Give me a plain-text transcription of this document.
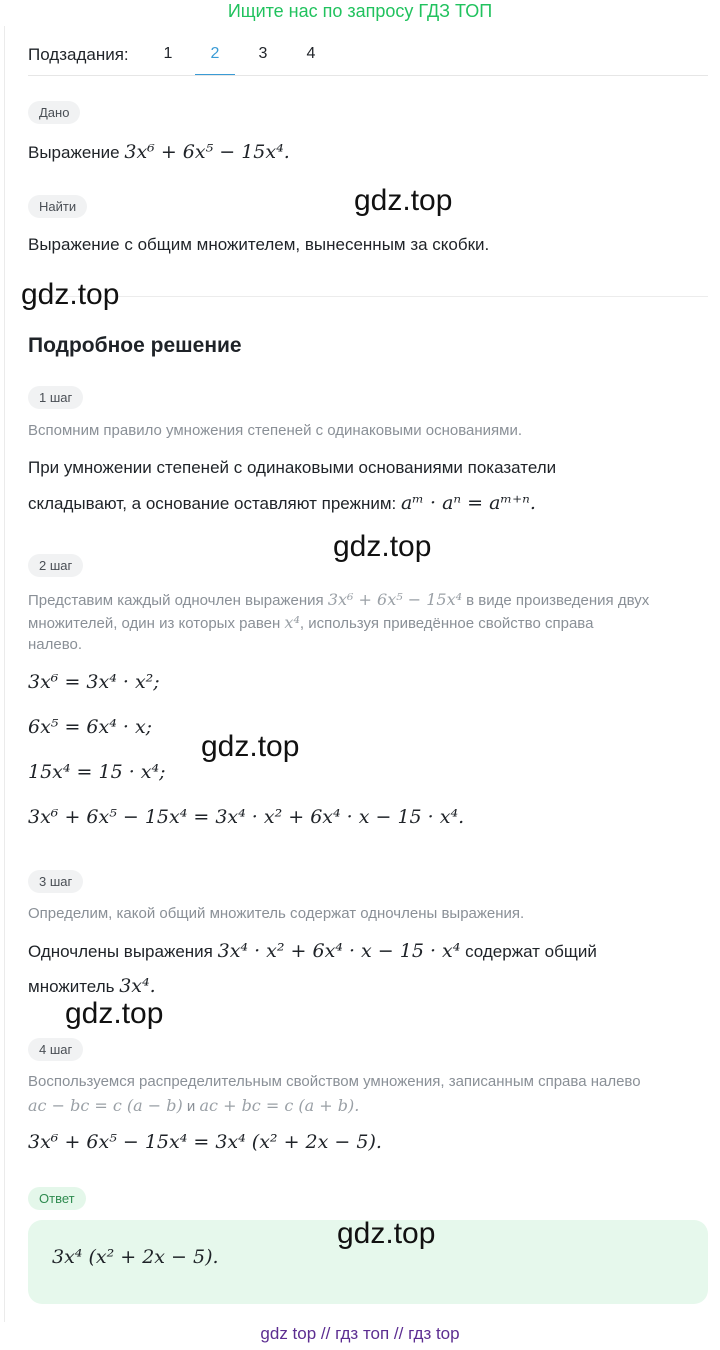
Ищите нас по запросу ГДЗ ТОП
Подзадания:	1	2	3	4
Дано
Выражение 3x⁶ + 6x⁵ − 15x⁴.
Найти
Выражение с общим множителем, вынесенным за скобки.
Подробное решение
1 шаг
Вспомним правило умножения степеней с одинаковыми основаниями.
При умножении степеней с одинаковыми основаниями показатели
складывают, а основание оставляют прежним: aᵐ · aⁿ = aᵐ⁺ⁿ.
2 шаг
Представим каждый одночлен выражения 3x⁶ + 6x⁵ − 15x⁴ в виде произведения двух
множителей, один из которых равен x⁴, используя приведённое свойство справа
налево.
3x⁶ = 3x⁴ · x²;
6x⁵ = 6x⁴ · x;
15x⁴ = 15 · x⁴;
3x⁶ + 6x⁵ − 15x⁴ = 3x⁴ · x² + 6x⁴ · x − 15 · x⁴.
3 шаг
Определим, какой общий множитель содержат одночлены выражения.
Одночлены выражения 3x⁴ · x² + 6x⁴ · x − 15 · x⁴ содержат общий
множитель 3x⁴.
4 шаг
Воспользуемся распределительным свойством умножения, записанным справа налево
ac − bc = c (a − b) и ac + bc = c (a + b).
3x⁶ + 6x⁵ − 15x⁴ = 3x⁴ (x² + 2x − 5).
Ответ
3x⁴ (x² + 2x − 5).
gdz.top
gdz.top
gdz.top
gdz.top
gdz.top
gdz.top
gdz top // гдз топ // гдз top
